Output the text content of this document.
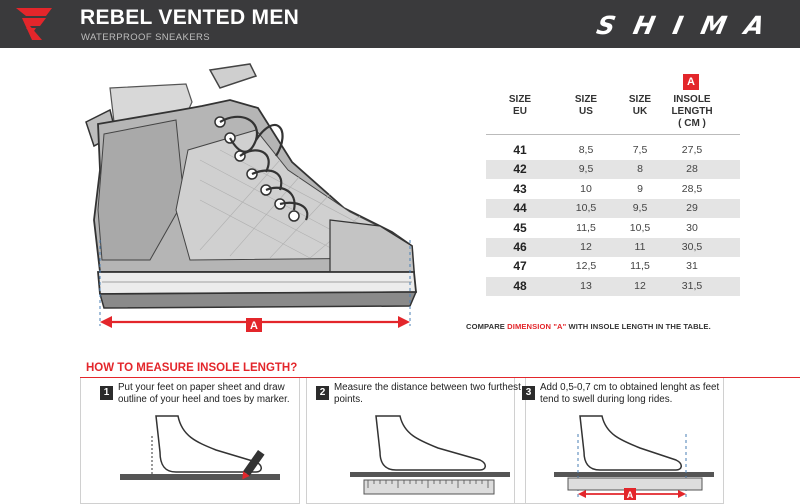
REBEL VENTED MEN
WATERPROOF SNEAKERS	SHIMA
A
A
SIZE
EU
SIZE
US
SIZE
UK
INSOLE
LENGTH
( CM )
41	8,5	7,5	27,5
42	9,5	8	28
43	10	9	28,5
44	10,5	9,5	29
45	11,5	10,5	30
46	12	11	30,5
47	12,5	11,5	31
48	13	12	31,5
COMPARE DIMENSION "A" WITH INSOLE LENGTH IN THE TABLE.
HOW TO MEASURE INSOLE LENGTH?
1 Put your feet on paper sheet and draw outline of your heel and toes by marker.
2 Measure the distance between two furthest points.
3 Add 0,5-0,7 cm to obtained lenght as feet tend to swell during long rides.
A
